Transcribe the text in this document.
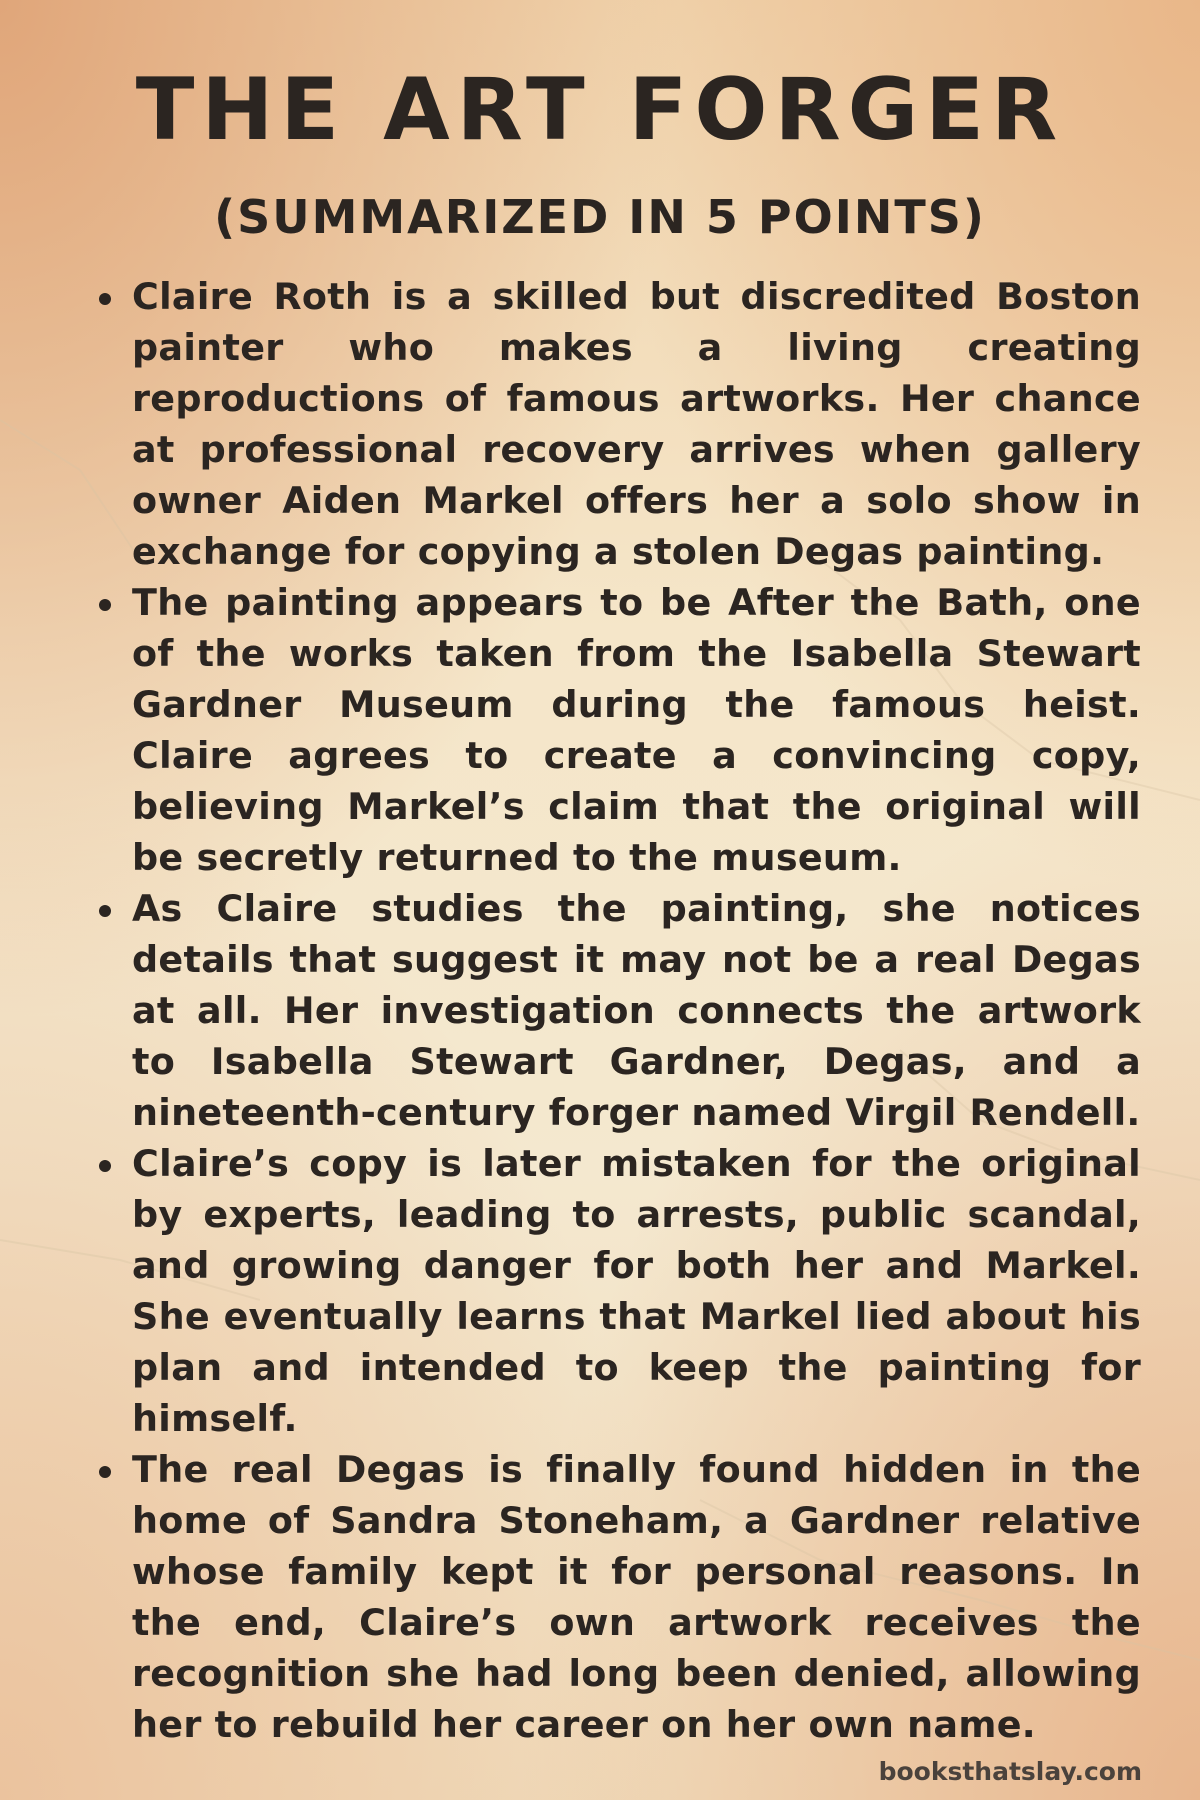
THE ART FORGER
(SUMMARIZED IN 5 POINTS)
Claire Roth is a skilled but discredited Boston painter who makes a living creating reproductions of famous artworks. Her chance at professional recovery arrives when gallery owner Aiden Markel offers her a solo show in exchange for copying a stolen Degas painting.
The painting appears to be After the Bath, one of the works taken from the Isabella Stewart Gardner Museum during the famous heist. Claire agrees to create a convincing copy, believing Markel’s claim that the original will be secretly returned to the museum.
As Claire studies the painting, she notices details that suggest it may not be a real Degas at all. Her investigation connects the artwork to Isabella Stewart Gardner, Degas, and a nineteenth-century forger named Virgil Rendell.
Claire’s copy is later mistaken for the original by experts, leading to arrests, public scandal, and growing danger for both her and Markel. She eventually learns that Markel lied about his plan and intended to keep the painting for himself.
The real Degas is finally found hidden in the home of Sandra Stoneham, a Gardner relative whose family kept it for personal reasons. In the end, Claire’s own artwork receives the recognition she had long been denied, allowing her to rebuild her career on her own name.

booksthatslay.com
